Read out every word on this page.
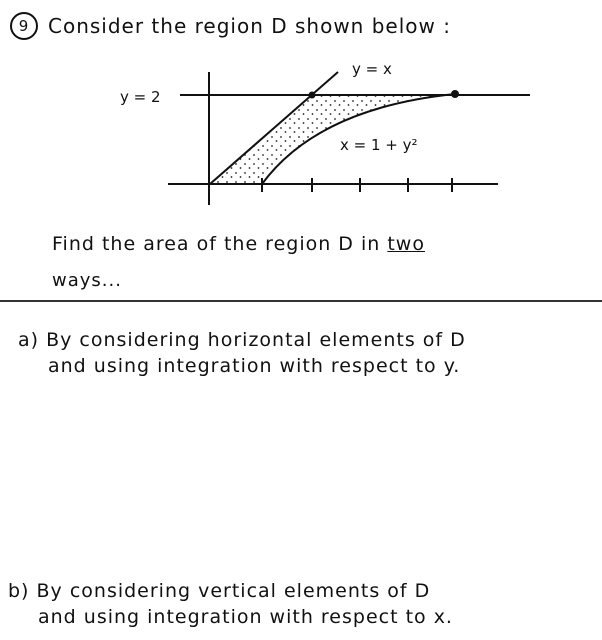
9 Consider the region D shown below :
y = 2
y = x
x = 1 + y²
Find the area of the region D in two
ways...
a) By considering horizontal elements of D
and using integration with respect to y.
b) By considering vertical elements of D
and using integration with respect to x.
